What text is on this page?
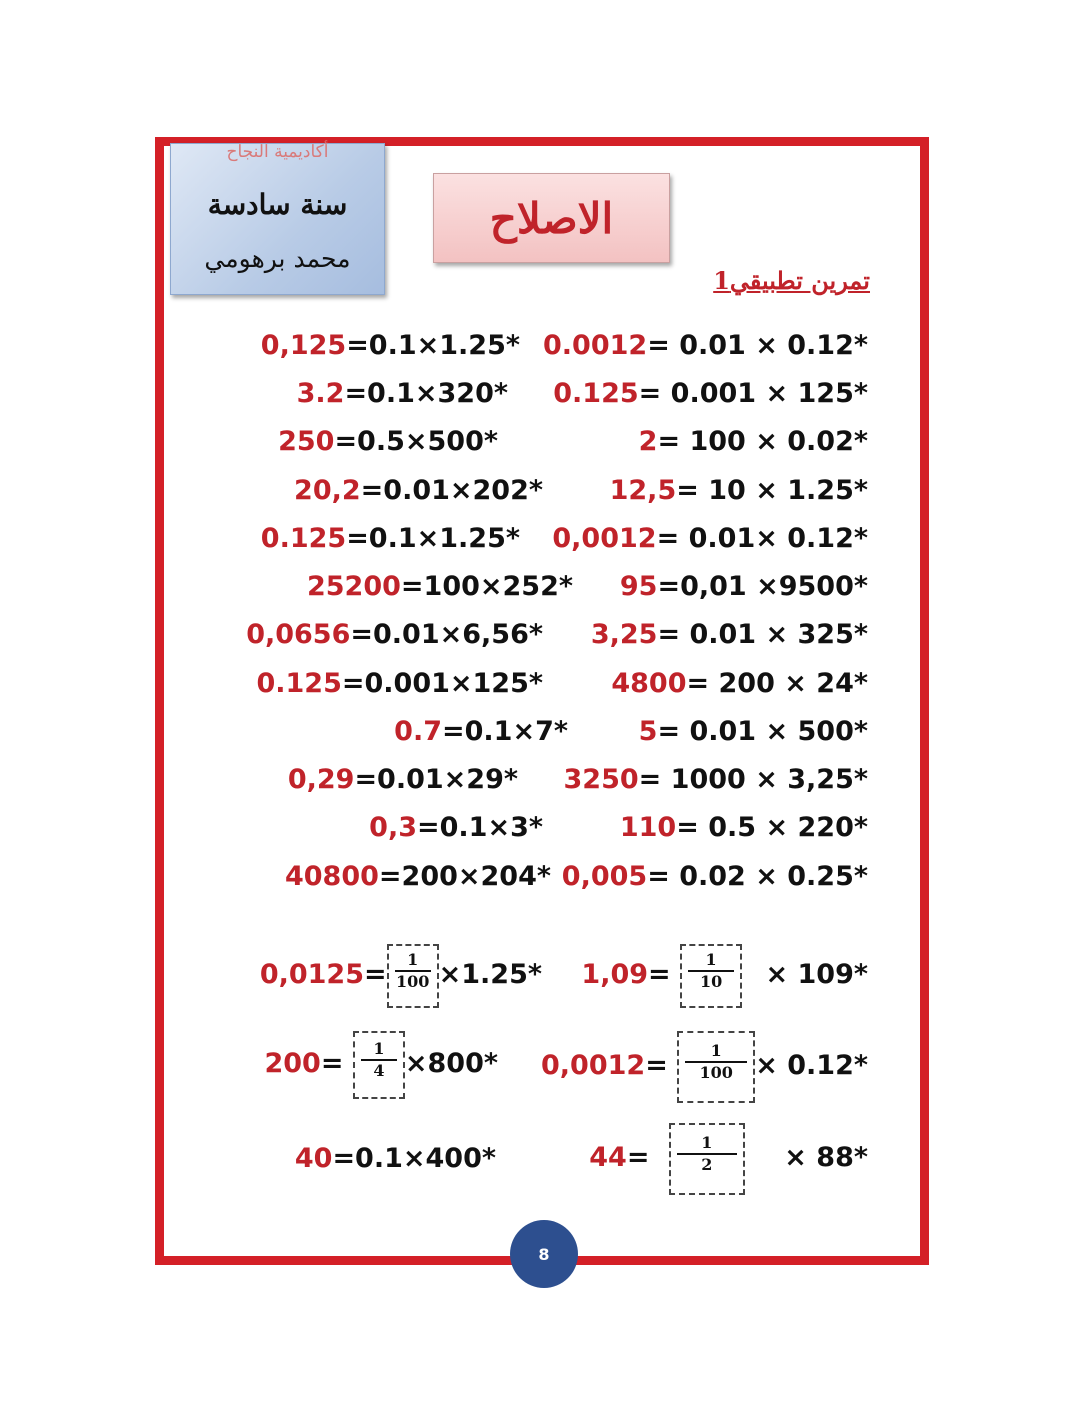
أكاديمية النجاح
سنة سادسة
محمد برهومي
الاصلاح
تمرين تطبيقي1
0.0012= 0.01 × 0.12*
0.125= 0.001 × 125*
2= 100 × 0.02*
12,5= 10 × 1.25*
0,0012= 0.01× 0.12*
95=0,01 ×9500*
3,25= 0.01 × 325*
4800= 200 × 24*
5= 0.01 × 500*
3250= 1000 × 3,25*
110= 0.5 × 220*
0,005= 0.02 × 0.25*
0,125=0.1×1.25*
3.2=0.1×320*
250=0.5×500*
20,2=0.01×202*
0.125=0.1×1.25*
25200=100×252*
0,0656=0.01×6,56*
0.125=0.001×125*
0.7=0.1×7*
0,29=0.01×29*
0,3=0.1×3*
40800=200×204*
$1,09= \frac{1}{10} \times 109*$
$0,0125= \frac{1}{100} \times 1.25*$
$0,0012= \frac{1}{100} \times 0.12*$
$200= \frac{1}{4} \times 800*$
$44= \frac{1}{2} \times 88*$
40=0.1×400*
8
